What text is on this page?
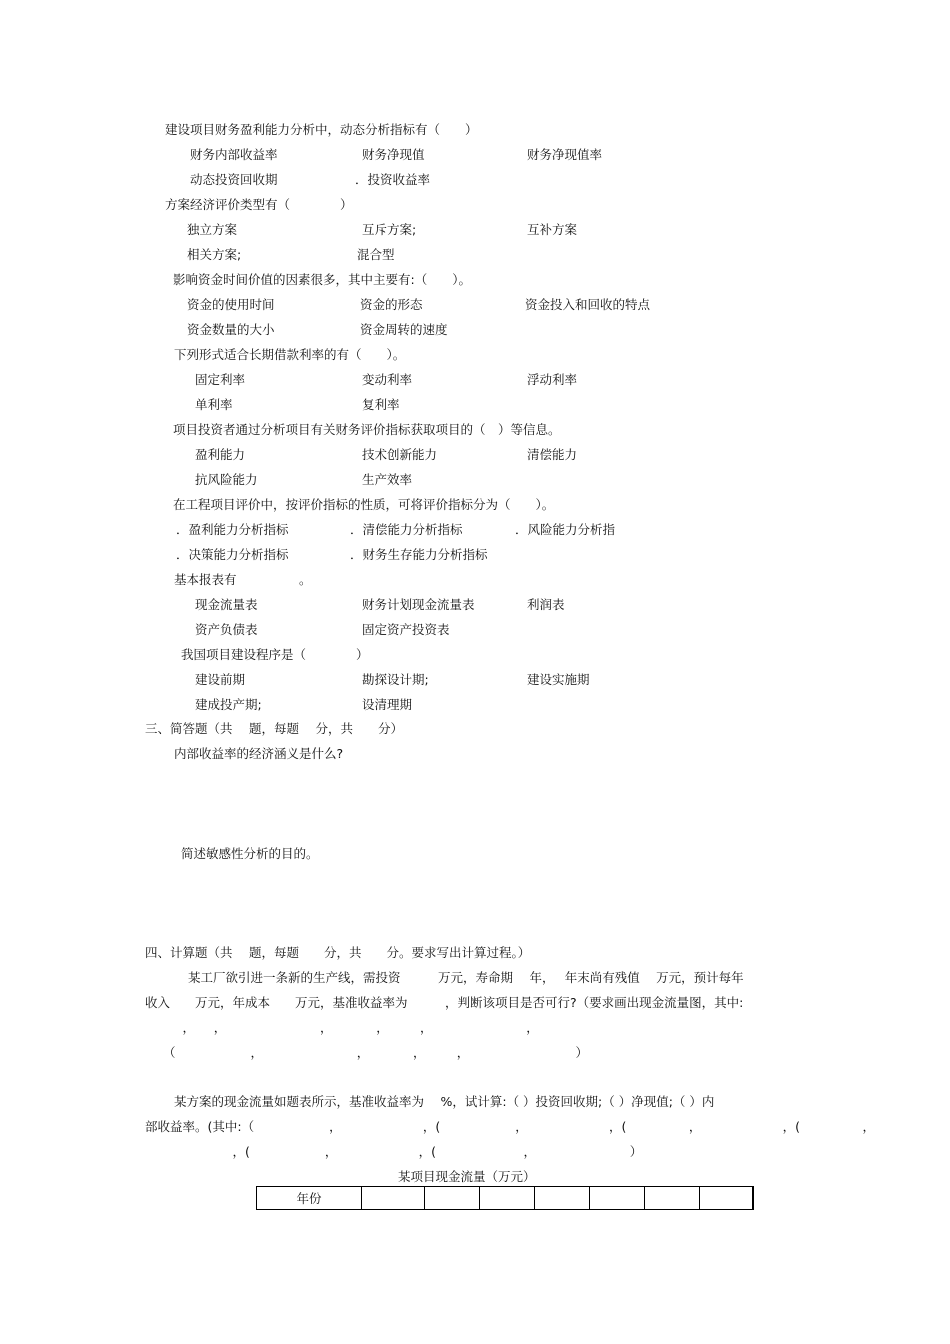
建设项目财务盈利能力分析中，动态分析指标有（　　）
财务内部收益率	财务净现值	财务净现值率
动态投资回收期	．投资收益率
方案经济评价类型有（　　　　）
独立方案	互斥方案;	互补方案
相关方案;	混合型
影响资金时间价值的因素很多，其中主要有:（　　）。
资金的使用时间	资金的形态	资金投入和回收的特点
资金数量的大小	资金周转的速度
下列形式适合长期借款利率的有（　　）。
固定利率	变动利率	浮动利率
单利率	复利率
项目投资者通过分析项目有关财务评价指标获取项目的（　）等信息。
盈利能力	技术创新能力	清偿能力
抗风险能力	生产效率
在工程项目评价中，按评价指标的性质，可将评价指标分为（　　）。
．盈利能力分析指标	．清偿能力分析指标	．风险能力分析指
．决策能力分析指标	．财务生存能力分析指标
基本报表有　　　　　。
现金流量表	财务计划现金流量表	利润表
资产负债表	固定资产投资表
我国项目建设程序是（　　　　）
建设前期	勘探设计期;	建设实施期
建成投产期;	设清理期
三、简答题（共　 题，每题　 分，共　　分）
内部收益率的经济涵义是什么?
简述敏感性分析的目的。
四、计算题（共　 题，每题　　分，共　　分。要求写出计算过程。）
某工厂欲引进一条新的生产线，需投资　　　万元，寿命期　 年，　 年末尚有残值　 万元，预计每年
收入　　万元，年成本　　万元，基准收益率为　　　，判断该项目是否可行?（要求画出现金流量图，其中:
　　　，　　，　　　　　　　　，　　　　，　　　，　　　　　　　　，
（　　　　　　，　　　　　　　　，　　　　，　　　，　　　　　　　　　）
某方案的现金流量如题表所示，基准收益率为　 %，试计算:（ ）投资回收期;（ ）净现值;（ ）内
部收益率。(其中:（　　　　　　，　　　　　　　，(　　　　　　，　　　　　　　，(　　　　　，　　　　　　　，(　　　　　，
　　　　　　　，(　　　　　　，　　　　　　　，(　　　　　　　，　　　　　　　　）
某项目现金流量（万元）
年份							
